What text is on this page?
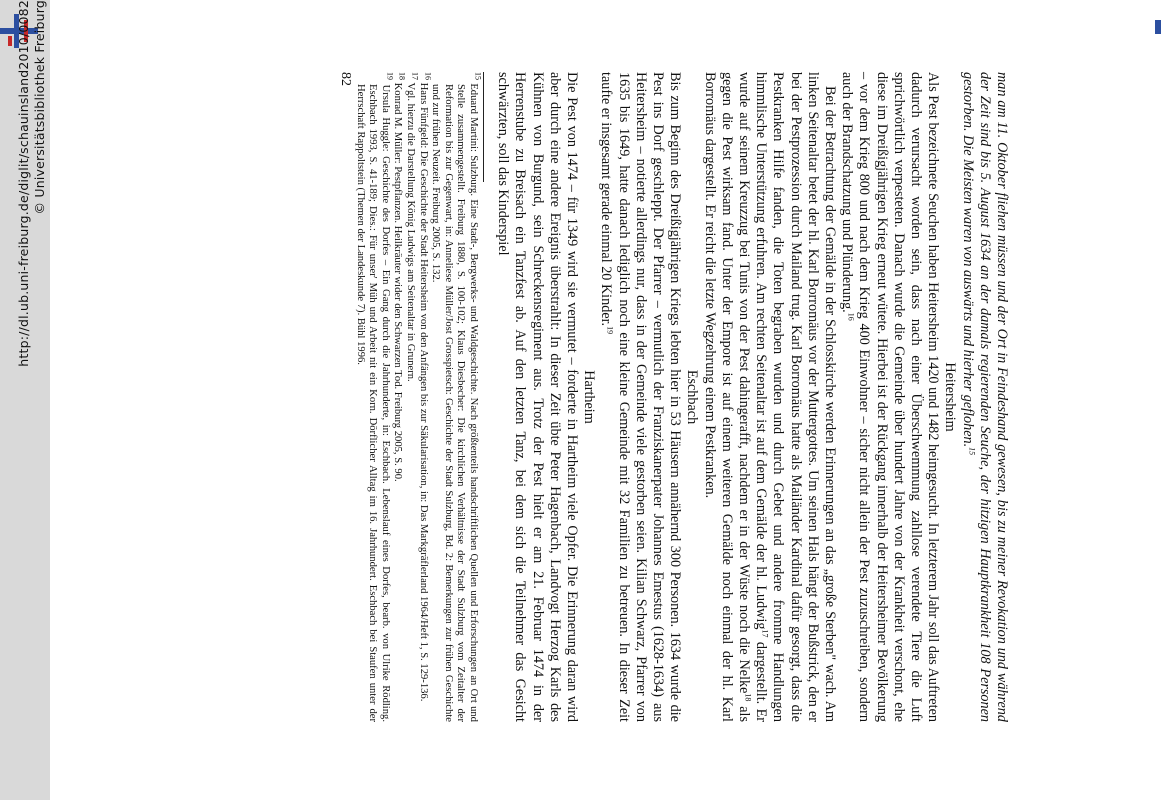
http://dl.ub.uni-freiburg.de/diglit/schauinsland2010/0082 © Universitätsbibliothek Freiburg	man am 11. Oktober fliehen müssen und der Ort in Feindeshand gewesen, bis zu meiner Revokation und während der Zeit sind bis 5. August 1634 an der damals regierenden Seuche, der hitzigen Hauptkrankheit 108 Personen gestorben. Die Meisten waren von auswärts und hierher geflohen.$^{15}$

Heitersheim

Als Pest bezeichnete Seuchen haben Heitersheim 1420 und 1482 heimgesucht. In letzterem Jahr soll das Auftreten dadurch verursacht worden sein, dass nach einer Überschwemmung zahllose verendete Tiere die Luft sprichwörtlich verpesteten. Danach wurde die Gemeinde über hundert Jahre von der Krankheit verschont, ehe diese im Dreißigjährigen Krieg erneut wütete. Hierbei ist der Rückgang innerhalb der Heitersheimer Bevölkerung – vor dem Krieg 800 und nach dem Krieg 400 Einwohner – sicher nicht allein der Pest zuzuschreiben, sondern auch der Brandschatzung und Plünderung.$^{16}$

Bei der Betrachtung der Gemälde in der Schlosskirche werden Erinnerungen an das „große Sterben" wach. Am linken Seitenaltar betet der hl. Karl Borromäus vor der Muttergottes. Um seinen Hals hängt der Bußstrick, den er bei der Pestprozession durch Mailand trug. Karl Borromäus hatte als Mailänder Kardinal dafür gesorgt, dass die Pestkranken Hilfe fanden, die Toten begraben wurden und durch Gebet und andere fromme Handlungen himmlische Unterstützung erfuhren. Am rechten Seitenaltar ist auf dem Gemälde der hl. Ludwig$^{17}$ dargestellt. Er wurde auf seinem Kreuzzug bei Tunis von der Pest dahingerafft, nachdem er in der Wüste noch die Nelke$^{18}$ als gegen die Pest wirksam fand. Unter der Empore ist auf einem weiteren Gemälde noch einmal der hl. Karl Borromäus dargestellt. Er reicht die letzte Wegzehrung einem Pestkranken.

Eschbach

Bis zum Beginn des Dreißigjährigen Kriegs lebten hier in 53 Häusern annähernd 300 Personen. 1634 wurde die Pest ins Dorf geschleppt. Der Pfarrer – vermutlich der Franziskanerpater Johannes Emestus (1628-1634) aus Heitersheim – notierte allerdings nur, dass in der Gemeinde viele gestorben seien. Kilian Schwarz, Pfarrer von 1635 bis 1649, hatte danach lediglich noch eine kleine Gemeinde mit 32 Familien zu betreuen. In dieser Zeit taufte er insgesamt gerade einmal 20 Kinder.$^{19}$

Hartheim

Die Pest von 1474 – für 1349 wird sie vermutet – forderte in Hartheim viele Opfer. Die Erinnerung daran wird aber durch eine andere Ereignis überstrahlt: In dieser Zeit übte Peter Hagenbach, Landvogt Herzog Karls des Kühnen von Burgund, sein Schreckensregiment aus. Trotz der Pest hielt er am 21. Februar 1474 in der Herrenstube zu Breisach ein Tanzfest ab. Auf den letzten Tanz, bei dem sich die Teilnehmer das Gesicht schwärzten, soll das Kinderspiel

$^{15}$ Eduard Martini: Sulzburg. Eine Stadt-, Bergwerks- und Waldgeschichte. Nach größtenteils handschriftlichen Quellen und Erforschungen an Ort und Stelle zusammengestellt. Freiburg 1880, S. 100-102; Klaus Diesbecher: Die kirchlichen Verhältnisse der Stadt Sulzburg vom Zeitalter der Reformation bis zur Gegenwart, in: Anneliese Müller/Jost Grosspietsch: Geschichte der Stadt Sulzburg, Bd. 2: Bemerkungen zur frühen Geschichte und zur frühen Neuzeit. Freiburg 2005, S. 132.

$^{16}$ Hans Fünfgeld: Die Geschichte der Stadt Heitersheim von den Anfängen bis zur Säkularisation, in: Das Markgräflerland 1964/Heft 1, S. 129-136.

$^{17}$ Vgl. hierzu die Darstellung König Ludwigs am Seitenaltar in Grunern.

$^{18}$ Konrad M. Müller: Pestpflanzen. Heilkräuter wider den Schwarzen Tod. Freiburg 2005, S. 90.

$^{19}$ Ursula Huggle: Geschichte des Dorfes – Ein Gang durch die Jahrhunderte, in: Eschbach. Lebenslauf eines Dorfes, bearb. von Ulrike Rödling. Eschbach 1993, S. 41-189; Dies.: Für unser' Müh und Arbeit nit ein Korn. Dörflicher Alltag im 16. Jahrhundert. Eschbach bei Staufen unter der Herrschaft Rappoltstein (Themen der Landeskunde 7). Bühl 1996.

82
